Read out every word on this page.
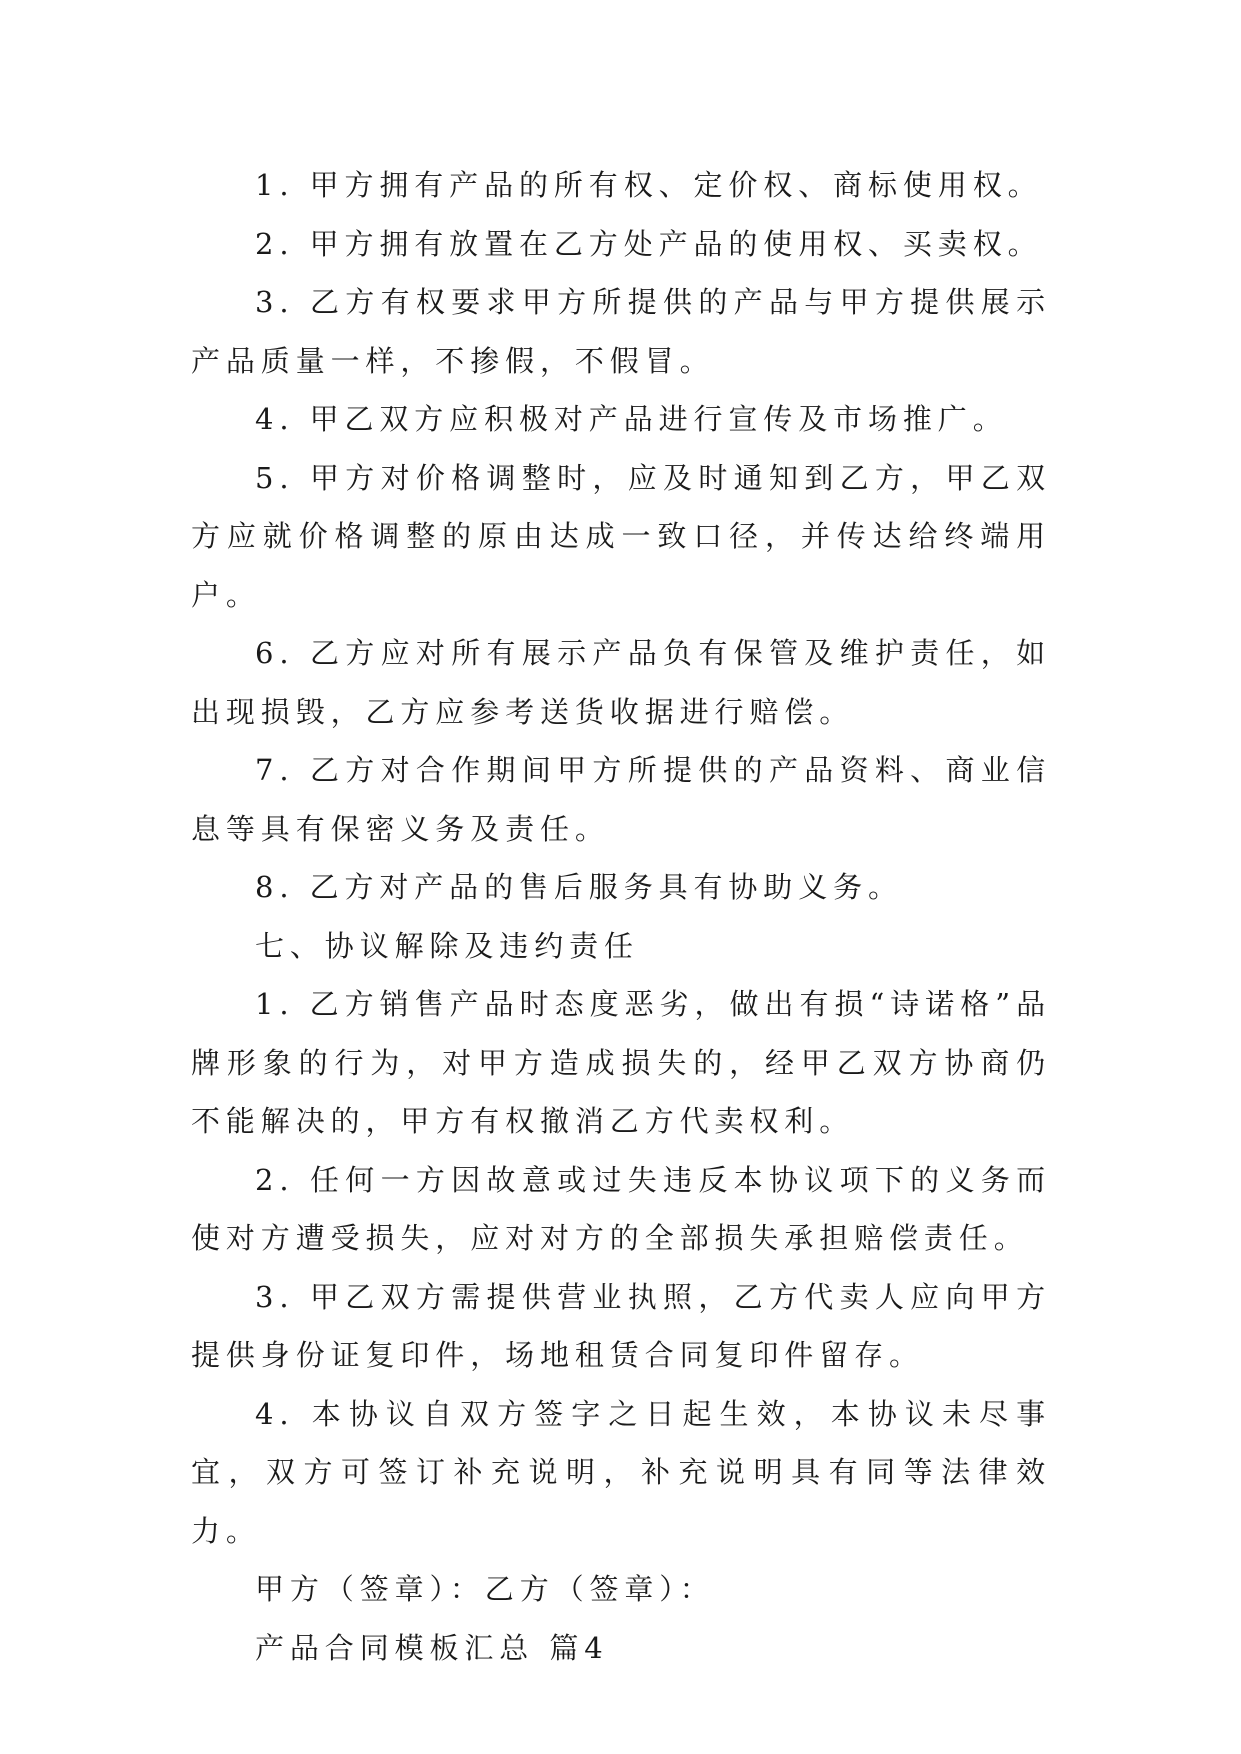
1. 甲方拥有产品的所有权、定价权、商标使用权。

2. 甲方拥有放置在乙方处产品的使用权、买卖权。

3. 乙方有权要求甲方所提供的产品与甲方提供展示产品质量一样，不掺假，不假冒。

4. 甲乙双方应积极对产品进行宣传及市场推广。

5. 甲方对价格调整时，应及时通知到乙方，甲乙双方应就价格调整的原由达成一致口径，并传达给终端用户。

6. 乙方应对所有展示产品负有保管及维护责任，如出现损毁，乙方应参考送货收据进行赔偿。

7. 乙方对合作期间甲方所提供的产品资料、商业信息等具有保密义务及责任。

8. 乙方对产品的售后服务具有协助义务。

七、协议解除及违约责任

1. 乙方销售产品时态度恶劣，做出有损“诗诺格”品牌形象的行为，对甲方造成损失的，经甲乙双方协商仍不能解决的，甲方有权撤消乙方代卖权利。

2. 任何一方因故意或过失违反本协议项下的义务而使对方遭受损失，应对对方的全部损失承担赔偿责任。

3. 甲乙双方需提供营业执照，乙方代卖人应向甲方提供身份证复印件，场地租赁合同复印件留存。

4. 本协议自双方签字之日起生效，本协议未尽事宜，双方可签订补充说明，补充说明具有同等法律效力。

甲方（签章）：乙方（签章）：

产品合同模板汇总 篇4
